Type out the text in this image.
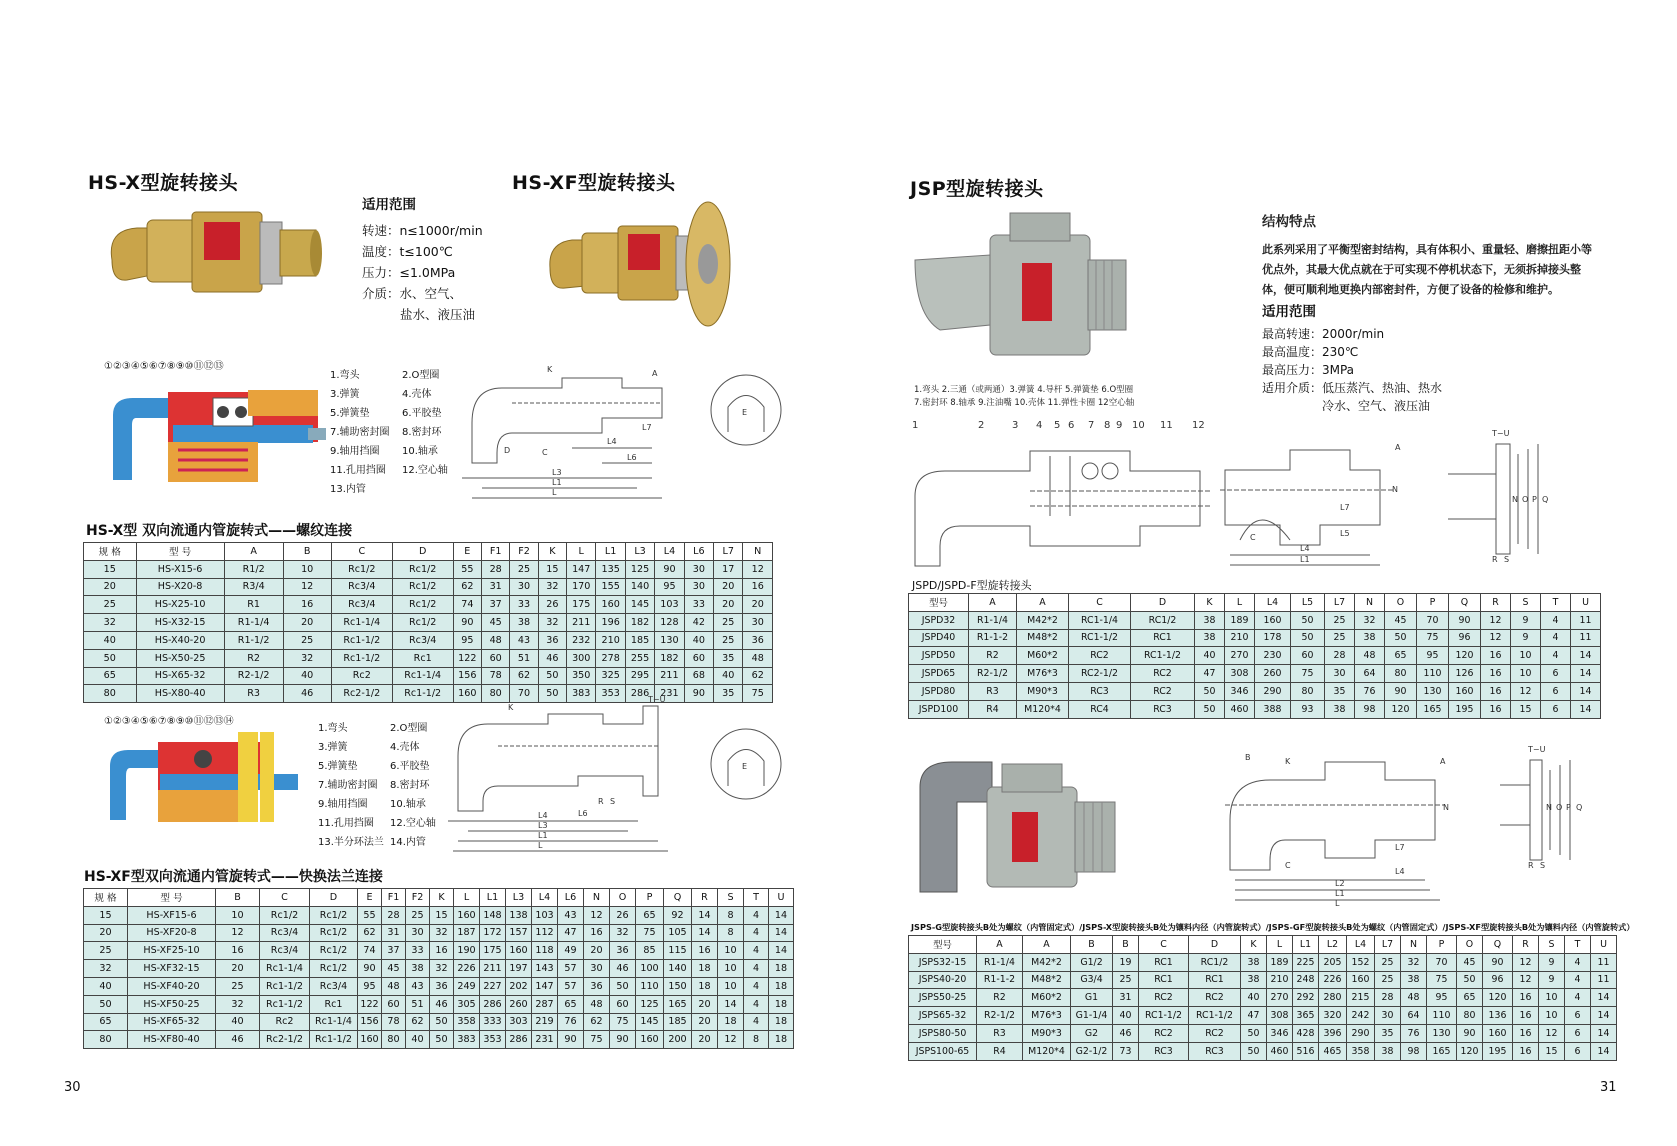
HS-X型旋转接头	HS-XF型旋转接头
适用范围
转速：n≤1000r/min
温度：t≤100℃
压力：≤1.0MPa
介质：水、空气、
盐水、液压油
①②③④⑤⑥⑦⑧⑨⑩⑪⑫⑬
1.弯头	2.O型圈
3.弹簧	4.壳体
5.弹簧垫	6.平胶垫
7.辅助密封圈	8.密封环
9.轴用挡圈	10.轴承
11.孔用挡圈	12.空心轴
13.内管
K	A
D	C
L4
L6
L7
L3
L1
L
E
HS-X型 双向流通内管旋转式——螺纹连接
规 格	型 号	A	B	C	D	E	F1	F2	K	L	L1	L3	L4	L6	L7	N
15	HS-X15-6	R1/2	10	Rc1/2	Rc1/2	55	28	25	15	147	135	125	90	30	17	12
20	HS-X20-8	R3/4	12	Rc3/4	Rc1/2	62	31	30	32	170	155	140	95	30	20	16
25	HS-X25-10	R1	16	Rc3/4	Rc1/2	74	37	33	26	175	160	145	103	33	20	20
32	HS-X32-15	R1-1/4	20	Rc1-1/4	Rc1/2	90	45	38	32	211	196	182	128	42	25	30
40	HS-X40-20	R1-1/2	25	Rc1-1/2	Rc3/4	95	48	43	36	232	210	185	130	40	25	36
50	HS-X50-25	R2	32	Rc1-1/2	Rc1	122	60	51	46	300	278	255	182	60	35	48
65	HS-X65-32	R2-1/2	40	Rc2	Rc1-1/4	156	78	62	50	350	325	295	211	68	40	62
80	HS-X80-40	R3	46	Rc2-1/2	Rc1-1/2	160	80	70	50	383	353	286	231	90	35	75
①②③④⑤⑥⑦⑧⑨⑩⑪⑫⑬⑭
1.弯头	2.O型圈
3.弹簧	4.壳体
5.弹簧垫	6.平胶垫
7.辅助密封圈	8.密封环
9.轴用挡圈	10.轴承
11.孔用挡圈	12.空心轴
13.半分环法兰 14.内管
K
T−U
R S
L6
L4
L3
L1
L
E
HS-XF型双向流通内管旋转式——快换法兰连接
规 格	型 号	B	C	D	E	F1	F2	K	L	L1	L3	L4	L6	N	O	P	Q	R	S	T	U
15	HS-XF15-6	10	Rc1/2	Rc1/2	55	28	25	15	160	148	138	103	43	12	26	65	92	14	8	4	14
20	HS-XF20-8	12	Rc3/4	Rc1/2	62	31	30	32	187	172	157	112	47	16	32	75	105	14	8	4	14
25	HS-XF25-10	16	Rc3/4	Rc1/2	74	37	33	16	190	175	160	118	49	20	36	85	115	16	10	4	14
32	HS-XF32-15	20	Rc1-1/4	Rc1/2	90	45	38	32	226	211	197	143	57	30	46	100	140	18	10	4	18
40	HS-XF40-20	25	Rc1-1/2	Rc3/4	95	48	43	36	249	227	202	147	57	36	50	110	150	18	10	4	18
50	HS-XF50-25	32	Rc1-1/2	Rc1	122	60	51	46	305	286	260	287	65	48	60	125	165	20	14	4	18
65	HS-XF65-32	40	Rc2	Rc1-1/4	156	78	62	50	358	333	303	219	76	62	75	145	185	20	18	4	18
80	HS-XF80-40	46	Rc2-1/2	Rc1-1/2	160	80	40	50	383	353	286	231	90	75	90	160	200	20	12	8	18
30
JSP型旋转接头
结构特点
此系列采用了平衡型密封结构，具有体积小、重量轻、磨擦扭距小等优点外，其最大优点就在于可实现不停机状态下，无须拆掉接头整体，便可顺利地更换内部密封件，方便了设备的检修和维护。
适用范围
最高转速：2000r/min
最高温度：230℃
最高压力：3MPa
适用介质：低压蒸汽、热油、热水
冷水、空气、液压油
1.弯头 2.三通（或两通）3.弹簧 4.导杆 5.弹簧垫 6.O型圈
7.密封环 8.轴承 9.注油嘴 10.壳体 11.弹性卡圈 12空心轴
1	2	3 4 5 6 7 8 9 10 11 12
A
C
L7
L5
L4
L1
N
T−U
R S
N O P Q
JSPD/JSPD-F型旋转接头
型号	A	A	C	D	K	L	L4	L5	L7	N	O	P	Q	R	S	T	U
JSPD32	R1-1/4	M42*2	RC1-1/4	RC1/2	38	189	160	50	25	32	45	70	90	12	9	4	11
JSPD40	R1-1-2	M48*2	RC1-1/2	RC1	38	210	178	50	25	38	50	75	96	12	9	4	11
JSPD50	R2	M60*2	RC2	RC1-1/2	40	270	230	60	28	48	65	95	120	16	10	4	14
JSPD65	R2-1/2	M76*3	RC2-1/2	RC2	47	308	260	75	30	64	80	110	126	16	10	6	14
JSPD80	R3	M90*3	RC3	RC2	50	346	290	80	35	76	90	130	160	16	12	6	14
JSPD100	R4	M120*4	RC4	RC3	50	460	388	93	38	98	120	165	195	16	15	6	14
B	K	A
C
L7
L4
L2
L1
L
N
T−U
N O P Q
R S
JSPS-G型旋转接头B处为螺纹（内管固定式）/JSPS-X型旋转接头B处为镶料内径（内管旋转式）/JSPS-GF型旋转接头B处为螺纹（内管固定式）/JSPS-XF型旋转接头B处为镶料内径（内管旋转式）
型号	A	A	B	B	C	D	K	L	L1	L2	L4	L7	N	P	O	Q	R	S	T	U
JSPS32-15	R1-1/4	M42*2	G1/2	19	RC1	RC1/2	38	189	225	205	152	25	32	70	45	90	12	9	4	11
JSPS40-20	R1-1-2	M48*2	G3/4	25	RC1	RC1	38	210	248	226	160	25	38	75	50	96	12	9	4	11
JSPS50-25	R2	M60*2	G1	31	RC2	RC2	40	270	292	280	215	28	48	95	65	120	16	10	4	14
JSPS65-32	R2-1/2	M76*3	G1-1/4	40	RC1-1/2	RC1-1/2	47	308	365	320	242	30	64	110	80	136	16	10	6	14
JSPS80-50	R3	M90*3	G2	46	RC2	RC2	50	346	428	396	290	35	76	130	90	160	16	12	6	14
JSPS100-65	R4	M120*4	G2-1/2	73	RC3	RC3	50	460	516	465	358	38	98	165	120	195	16	15	6	14
31
